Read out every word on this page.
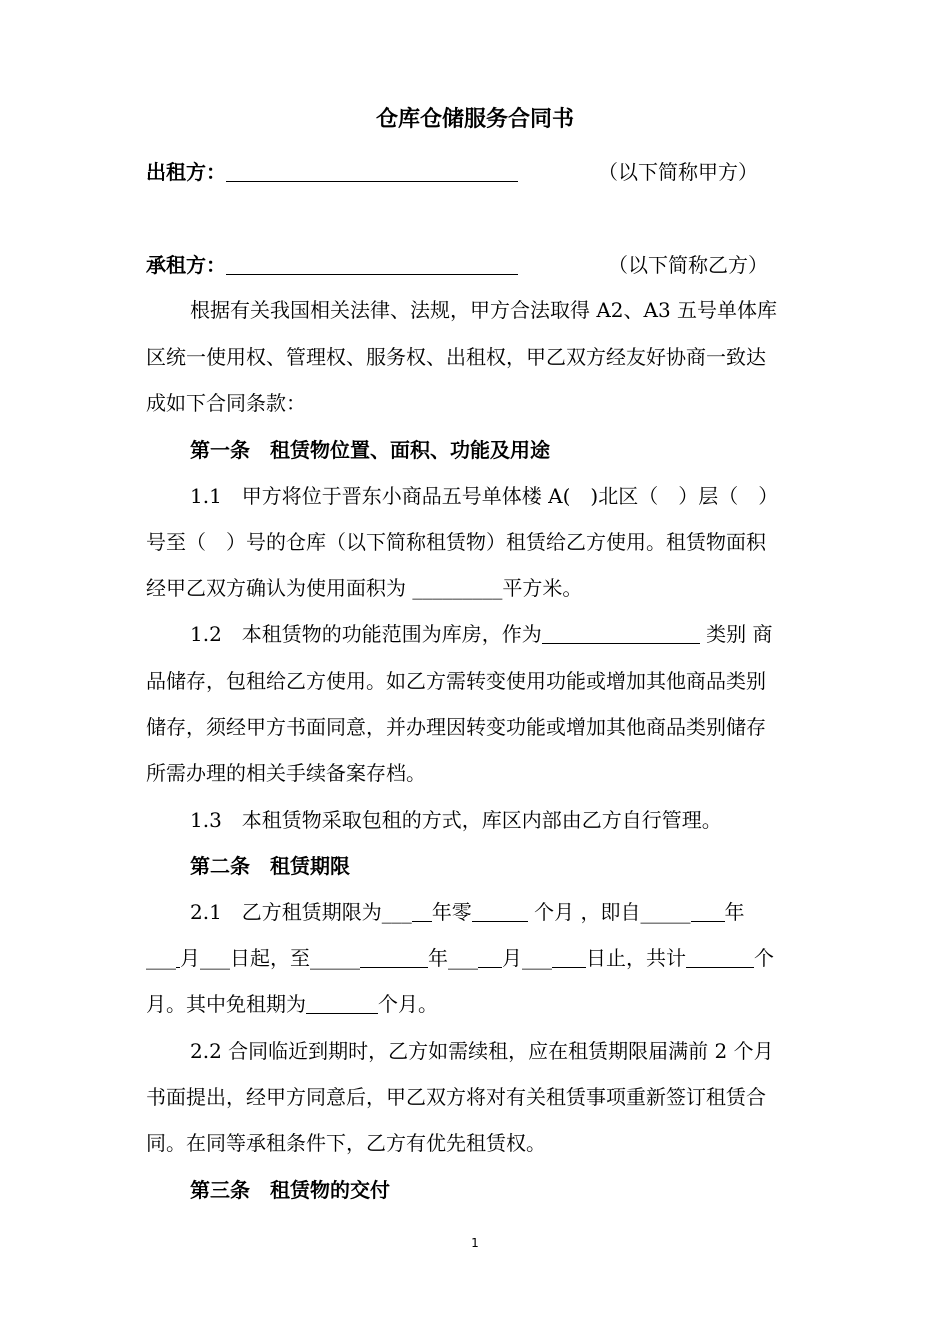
仓库仓储服务合同书
出租方：	（以下简称甲方）
承租方：	（以下简称乙方）
根据有关我国相关法律、法规，甲方合法取得 A2、A3 五号单体库
区统一使用权、管理权、服务权、出租权，甲乙双方经友好协商一致达
成如下合同条款：
第一条　租赁物位置、面积、功能及用途
1.1　甲方将位于晋东小商品五号单体楼 A(　)北区（　）层（　）
号至（　）号的仓库（以下简称租赁物）租赁给乙方使用。租赁物面积
经甲乙双方确认为使用面积为 _________平方米。
1.2　本租赁物的功能范围为库房，作为	类别 商
品储存，包租给乙方使用。如乙方需转变使用功能或增加其他商品类别
储存，须经甲方书面同意，并办理因转变功能或增加其他商品类别储存
所需办理的相关手续备案存档。
1.3　本租赁物采取包租的方式，库区内部由乙方自行管理。
第二条　租赁期限
2.1　乙方租赁期限为___ 年零	个月 ，即自_____ 年
___ 月___日起，至_____	年___ 月___ 日止，共计	个
月。其中免租期为	个月。
2.2 合同临近到期时，乙方如需续租，应在租赁期限届满前 2 个月
书面提出，经甲方同意后，甲乙双方将对有关租赁事项重新签订租赁合
同。在同等承租条件下，乙方有优先租赁权。
第三条　租赁物的交付
1
